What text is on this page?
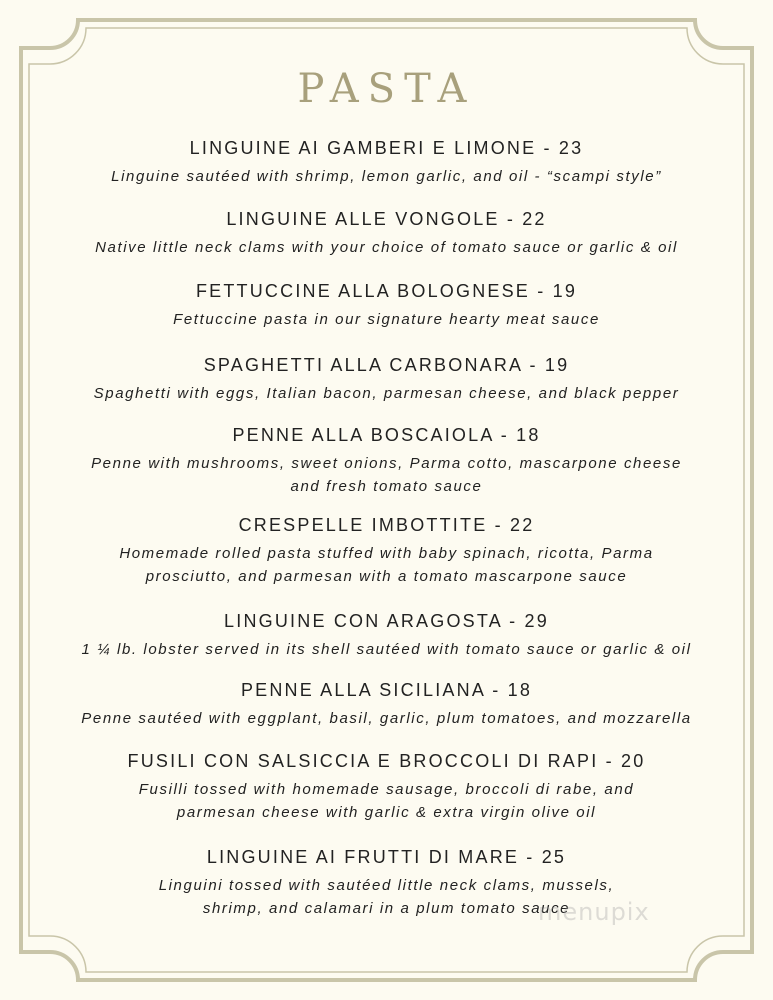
PASTA
LINGUINE AI GAMBERI E LIMONE - 23
Linguine sautéed with shrimp, lemon garlic, and oil - “scampi style”
LINGUINE ALLE VONGOLE - 22
Native little neck clams with your choice of tomato sauce or garlic & oil
FETTUCCINE ALLA BOLOGNESE - 19
Fettuccine pasta in our signature hearty meat sauce
SPAGHETTI ALLA CARBONARA - 19
Spaghetti with eggs, Italian bacon, parmesan cheese, and black pepper
PENNE ALLA BOSCAIOLA - 18
Penne with mushrooms, sweet onions, Parma cotto, mascarpone cheese
and fresh tomato sauce
CRESPELLE IMBOTTITE - 22
Homemade rolled pasta stuffed with baby spinach, ricotta, Parma
prosciutto, and parmesan with a tomato mascarpone sauce
LINGUINE CON ARAGOSTA - 29
1 ¼ lb. lobster served in its shell sautéed with tomato sauce or garlic & oil
PENNE ALLA SICILIANA - 18
Penne sautéed with eggplant, basil, garlic, plum tomatoes, and mozzarella
FUSILI CON SALSICCIA E BROCCOLI DI RAPI - 20
Fusilli tossed with homemade sausage, broccoli di rabe, and
parmesan cheese with garlic & extra virgin olive oil
LINGUINE AI FRUTTI DI MARE - 25
Linguini tossed with sautéed little neck clams, mussels,
shrimp, and calamari in a plum tomato sauce
menupix
